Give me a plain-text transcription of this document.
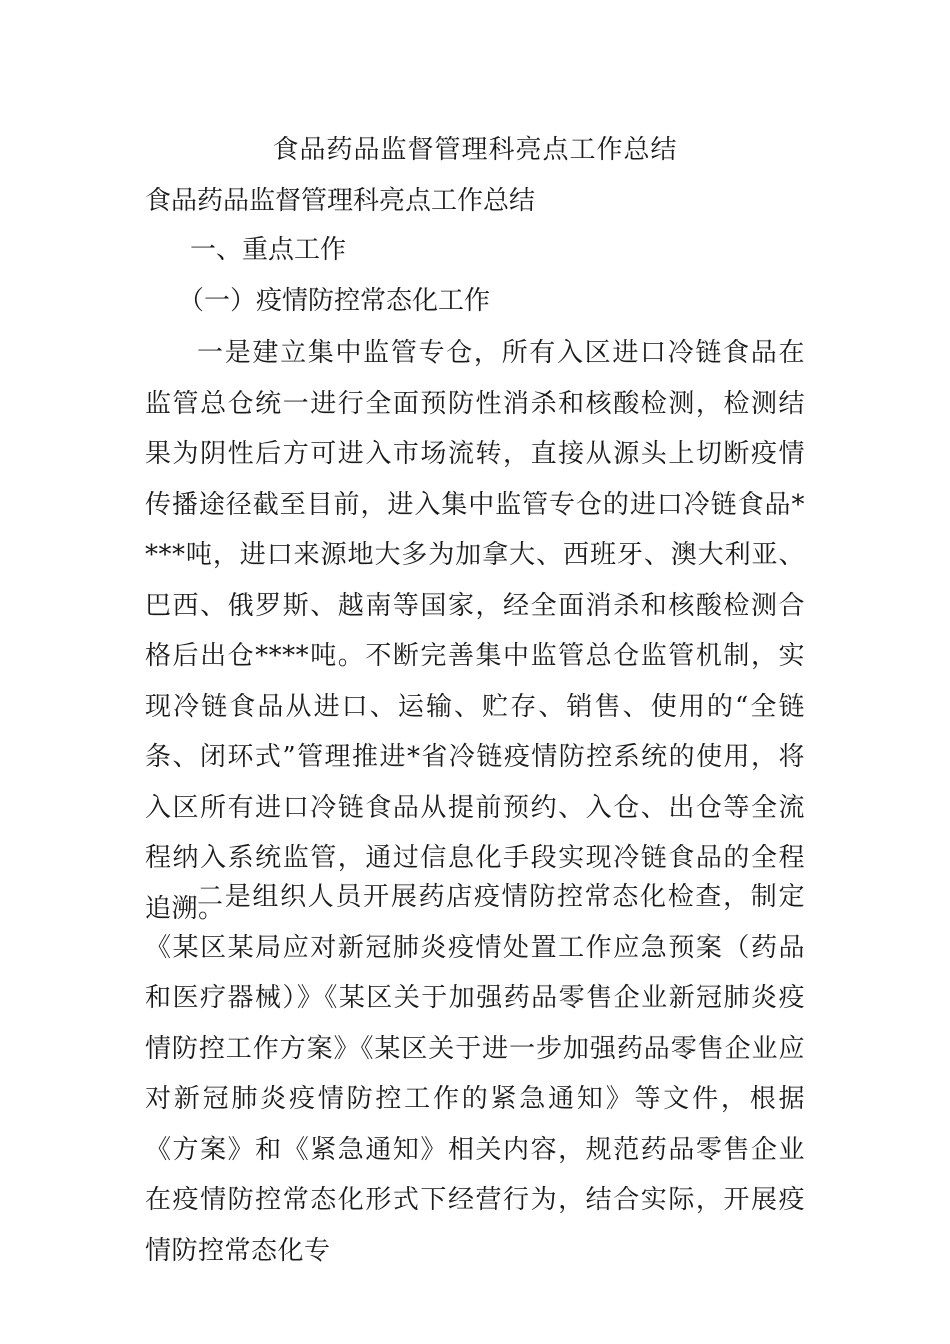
食品药品监督管理科亮点工作总结
食品药品监督管理科亮点工作总结
一、重点工作
（一）疫情防控常态化工作
一是建立集中监管专仓，所有入区进口冷链食品在监管总仓统一进行全面预防性消杀和核酸检测，检测结果为阴性后方可进入市场流转，直接从源头上切断疫情传播途径截至目前，进入集中监管专仓的进口冷链食品****吨，进口来源地大多为加拿大、西班牙、澳大利亚、巴西、俄罗斯、越南等国家，经全面消杀和核酸检测合格后出仓****吨。不断完善集中监管总仓监管机制，实现冷链食品从进口、运输、贮存、销售、使用的“全链条、闭环式”管理推进*省冷链疫情防控系统的使用，将入区所有进口冷链食品从提前预约、入仓、出仓等全流程纳入系统监管，通过信息化手段实现冷链食品的全程追溯。
二是组织人员开展药店疫情防控常态化检查，制定《某区某局应对新冠肺炎疫情处置工作应急预案（药品和医疗器械）》《某区关于加强药品零售企业新冠肺炎疫情防控工作方案》《某区关于进一步加强药品零售企业应对新冠肺炎疫情防控工作的紧急通知》等文件，根据《方案》和《紧急通知》相关内容，规范药品零售企业在疫情防控常态化形式下经营行为，结合实际，开展疫情防控常态化专
